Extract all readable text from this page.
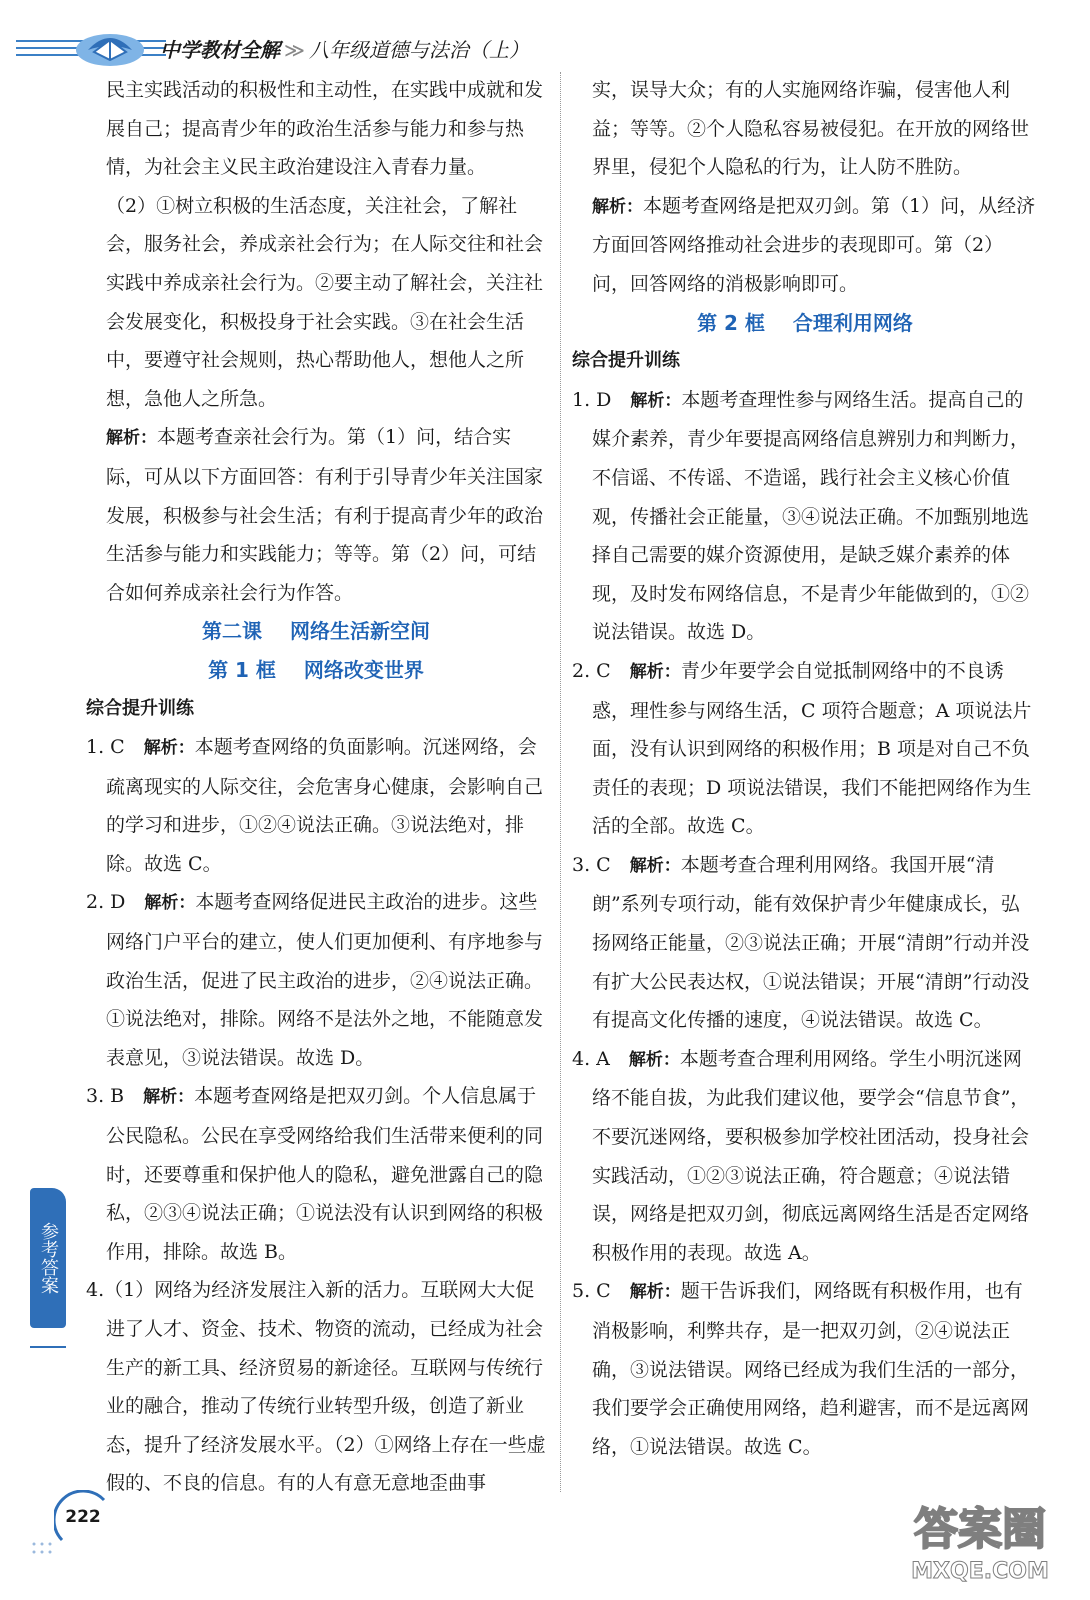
中学教材全解 ≫ 八年级道德与法治（上）

民主实践活动的积极性和主动性，在实践中成就和发展自己；提高青少年的政治生活参与能力和参与热情，为社会主义民主政治建设注入青春力量。

（2）①树立积极的生活态度，关注社会，了解社会，服务社会，养成亲社会行为；在人际交往和社会实践中养成亲社会行为。②要主动了解社会，关注社会发展变化，积极投身于社会实践。③在社会生活中，要遵守社会规则，热心帮助他人，想他人之所想，急他人之所急。

解析：本题考查亲社会行为。第（1）问，结合实际，可从以下方面回答：有利于引导青少年关注国家发展，积极参与社会生活；有利于提高青少年的政治生活参与能力和实践能力；等等。第（2）问，可结合如何养成亲社会行为作答。

第二课 网络生活新空间

第 1 框 网络改变世界

综合提升训练

1. C　 解析：本题考查网络的负面影响。沉迷网络，会疏离现实的人际交往，会危害身心健康，会影响自己的学习和进步，①②④说法正确。③说法绝对，排除。故选 C。

2. D　 解析：本题考查网络促进民主政治的进步。这些网络门户平台的建立，使人们更加便利、有序地参与政治生活，促进了民主政治的进步，②④说法正确。①说法绝对，排除。网络不是法外之地，不能随意发表意见，③说法错误。故选 D。

3. B　 解析：本题考查网络是把双刃剑。个人信息属于公民隐私。公民在享受网络给我们生活带来便利的同时，还要尊重和保护他人的隐私，避免泄露自己的隐私，②③④说法正确；①说法没有认识到网络的积极作用，排除。故选 B。

4.（1）网络为经济发展注入新的活力。互联网大大促进了人才、资金、技术、物资的流动，已经成为社会生产的新工具、经济贸易的新途径。互联网与传统行业的融合，推动了传统行业转型升级，创造了新业态，提升了经济发展水平。（2）①网络上存在一些虚假的、不良的信息。有的人有意无意地歪曲事

实，误导大众；有的人实施网络诈骗，侵害他人利益；等等。②个人隐私容易被侵犯。在开放的网络世界里，侵犯个人隐私的行为，让人防不胜防。

解析：本题考查网络是把双刃剑。第（1）问，从经济方面回答网络推动社会进步的表现即可。第（2）问，回答网络的消极影响即可。

第 2 框 合理利用网络

综合提升训练

1. D　 解析：本题考查理性参与网络生活。提高自己的媒介素养，青少年要提高网络信息辨别力和判断力，不信谣、不传谣、不造谣，践行社会主义核心价值观，传播社会正能量，③④说法正确。不加甄别地选择自己需要的媒介资源使用，是缺乏媒介素养的体现，及时发布网络信息，不是青少年能做到的，①②说法错误。故选 D。

2. C　 解析：青少年要学会自觉抵制网络中的不良诱惑，理性参与网络生活，C 项符合题意；A 项说法片面，没有认识到网络的积极作用；B 项是对自己不负责任的表现；D 项说法错误，我们不能把网络作为生活的全部。故选 C。

3. C　 解析：本题考查合理利用网络。我国开展“清朗”系列专项行动，能有效保护青少年健康成长，弘扬网络正能量，②③说法正确；开展“清朗”行动并没有扩大公民表达权，①说法错误；开展“清朗”行动没有提高文化传播的速度，④说法错误。故选 C。

4. A　 解析：本题考查合理利用网络。学生小明沉迷网络不能自拔，为此我们建议他，要学会“信息节食”，不要沉迷网络，要积极参加学校社团活动，投身社会实践活动，①②③说法正确，符合题意；④说法错误，网络是把双刃剑，彻底远离网络生活是否定网络积极作用的表现。故选 A。

5. C　 解析：题干告诉我们，网络既有积极作用，也有消极影响，利弊共存，是一把双刃剑，②④说法正确，③说法错误。网络已经成为我们生活的一部分，我们要学会正确使用网络，趋利避害，而不是远离网络，①说法错误。故选 C。

参考答案
222	答案圈
MXQE.COM
